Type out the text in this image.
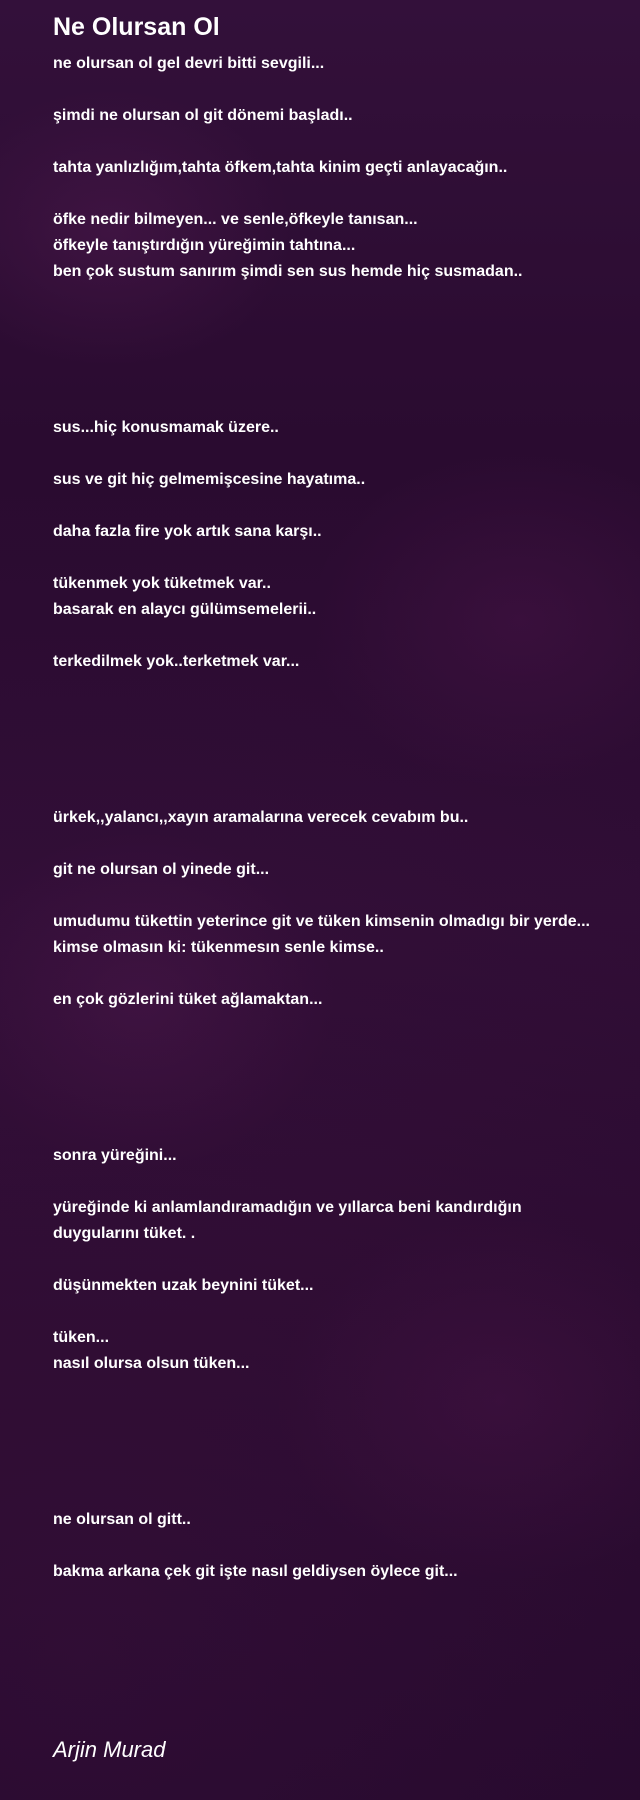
Ne Olursan Ol
ne olursan ol gel devri bitti sevgili...
şimdi ne olursan ol git dönemi başladı..
tahta yanlızlığım,tahta öfkem,tahta kinim geçti anlayacağın..
öfke nedir bilmeyen... ve senle,öfkeyle tanısan...
öfkeyle tanıştırdığın yüreğimin tahtına...
ben çok sustum sanırım şimdi sen sus hemde hiç susmadan..
sus...hiç konusmamak üzere..
sus ve git hiç gelmemişcesine hayatıma..
daha fazla fire yok artık sana karşı..
tükenmek yok tüketmek var..
basarak en alaycı gülümsemelerii..
terkedilmek yok..terketmek var...
ürkek,,yalancı,,xayın aramalarına verecek cevabım bu..
git ne olursan ol yinede git...
umudumu tükettin yeterince git ve tüken kimsenin olmadıgı bir yerde...
kimse olmasın ki: tükenmesın senle kimse..
en çok gözlerini tüket ağlamaktan...
sonra yüreğini...
yüreğinde ki anlamlandıramadığın ve yıllarca beni kandırdığın
duygularını tüket. .
düşünmekten uzak beynini tüket...
tüken...
nasıl olursa olsun tüken...
ne olursan ol gitt..
bakma arkana çek git işte nasıl geldiysen öylece git...
Arjin Murad
